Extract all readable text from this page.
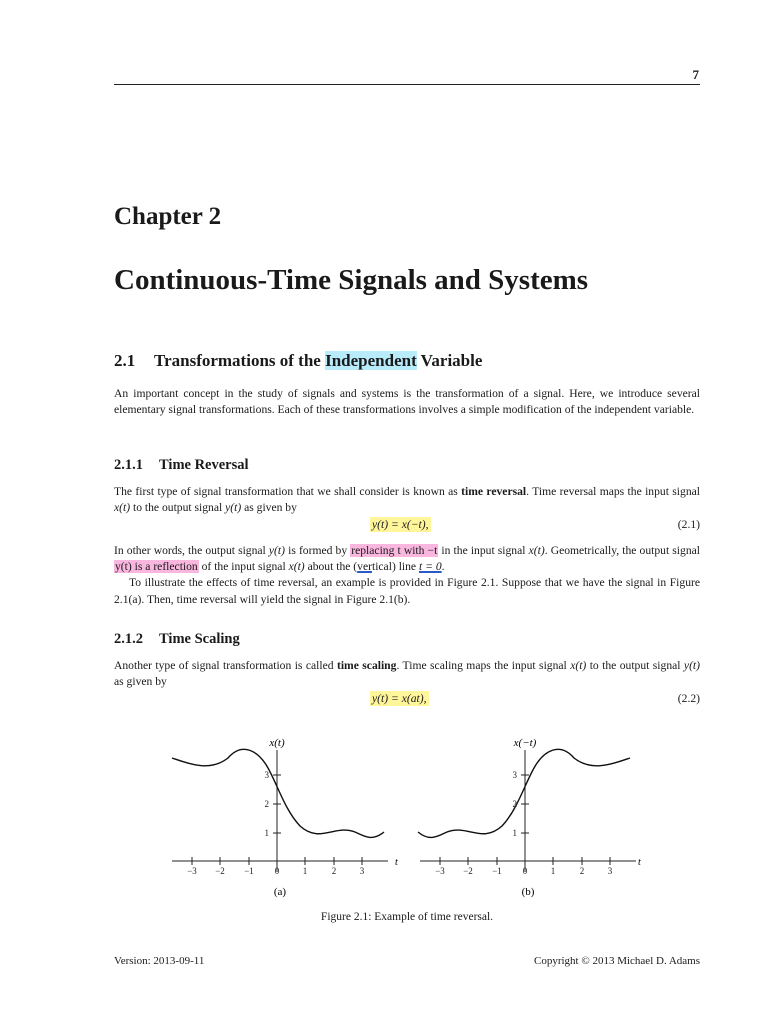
7
Chapter 2
Continuous-Time Signals and Systems
2.1 Transformations of the Independent Variable

An important concept in the study of signals and systems is the transformation of a signal. Here, we introduce several elementary signal transformations. Each of these transformations involves a simple modification of the independent variable.

2.1.1 Time Reversal

The first type of signal transformation that we shall consider is known as time reversal. Time reversal maps the input signal x(t) to the output signal y(t) as given by

y(t) = x(−t),	(2.1)

In other words, the output signal y(t) is formed by replacing t with −t in the input signal x(t). Geometrically, the output signal y(t) is a reflection of the input signal x(t) about the (vertical) line t = 0.

To illustrate the effects of time reversal, an example is provided in Figure 2.1. Suppose that we have the signal in Figure 2.1(a). Then, time reversal will yield the signal in Figure 2.1(b).

2.1.2 Time Scaling

Another type of signal transformation is called time scaling. Time scaling maps the input signal x(t) to the output signal y(t) as given by

y(t) = x(at),	(2.2)
−3 −2 −1 0	1	2	3
1
2
3
x(t)
t
(a)
−3 −2 −1 0	1	2	3
1
2
3
x(−t)
t
(b)
Figure 2.1: Example of time reversal.
Version: 2013-09-11	Copyright © 2013 Michael D. Adams
